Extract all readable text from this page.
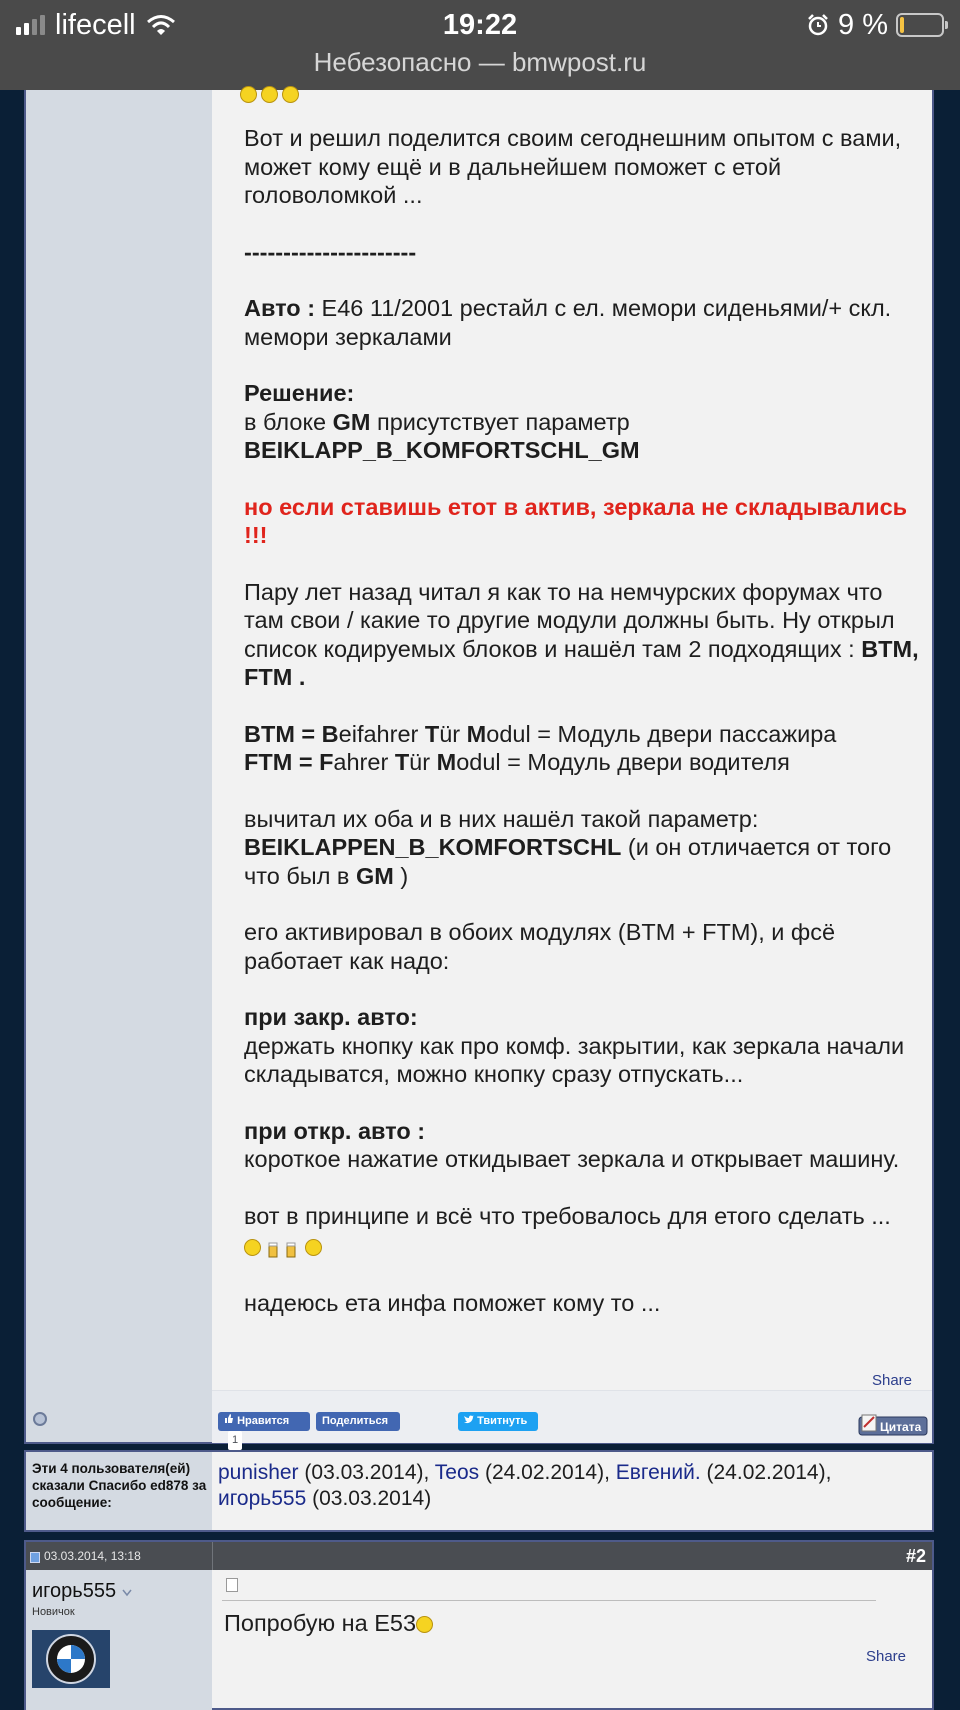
lifecell	19:22	9 %
Небезопасно — bmwpost.ru

Вот и решил поделится своим сегоднешним опытом с вами, может кому ещё и в дальнейшем поможет с етой головоломкой ...

----------------------

Авто : E46 11/2001 рестайл с ел. мемори сиденьями/+ скл. мемори зеркалами

Решение:
в блоке GM присутствует параметр
BEIKLAPP_B_KOMFORTSCHL_GM

но если ставишь етот в актив, зеркала не складывались !!!

Пару лет назад читал я как то на немчурских форумах что там свои / какие то другие модули должны быть. Ну открыл список кодируемых блоков и нашёл там 2 подходящих : BTM, FTM .

BTM = Beifahrer Tür Modul = Модуль двери пассажира
FTM = Fahrer Tür Modul = Модуль двери водителя

вычитал их оба и в них нашёл такой параметр:
BEIKLAPPEN_B_KOMFORTSCHL (и он отличается от того что был в GM )

его активировал в обоих модулях (BTM + FTM), и фсё работает как надо:

при закр. авто:
держать кнопку как про комф. закрытии, как зеркала начали складыватся, можно кнопку сразу отпускать...

при откр. авто :
короткое нажатие откидывает зеркала и открывает машину.

вот в принципе и всё что требовалось для етого сделать ...

надеюсь ета инфа поможет кому то ...

Share
Нравится1
Поделиться	Твитнуть	Цитата
Эти 4 пользователя(ей) сказали Спасибо ed878 за сообщение:
punisher (03.03.2014), Teos (24.02.2014), Евгений. (24.02.2014), игорь555 (03.03.2014)
03.03.2014, 13:18	#2
игорь555
Новичок	Попробую на E53
Share
